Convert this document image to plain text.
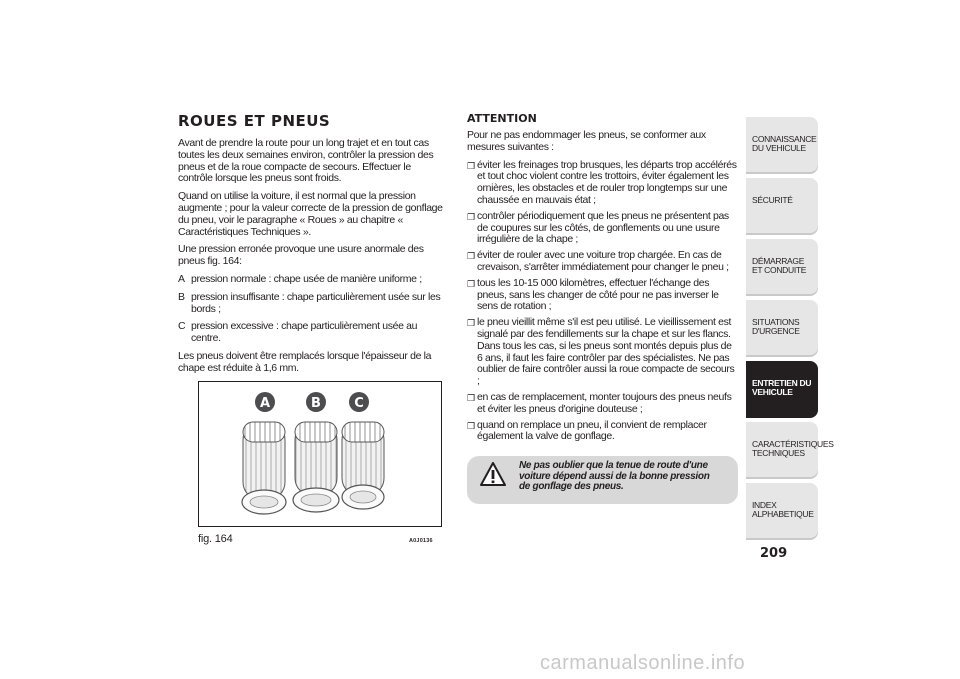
ROUES ET PNEUS

Avant de prendre la route pour un long trajet et en tout cas toutes les deux semaines environ, contrôler la pression des pneus et de la roue compacte de secours. Effectuer le contrôle lorsque les pneus sont froids.

Quand on utilise la voiture, il est normal que la pression augmente ; pour la valeur correcte de la pression de gonflage du pneu, voir le paragraphe « Roues » au chapitre « Caractéristiques Techniques ».

Une pression erronée provoque une usure anormale des pneus fig. 164:

A pression normale : chape usée de manière uniforme ;
B pression insuffisante : chape particulièrement usée sur les bords ;
C pression excessive : chape particulièrement usée au centre.

Les pneus doivent être remplacés lorsque l'épaisseur de la chape est réduite à 1,6 mm.

A	B	C
fig. 164	A0J0136
ATTENTION

Pour ne pas endommager les pneus, se conformer aux mesures suivantes :

❒ éviter les freinages trop brusques, les départs trop accélérés et tout choc violent contre les trottoirs, éviter également les ornières, les obstacles et de rouler trop longtemps sur une chaussée en mauvais état ;
❒ contrôler périodiquement que les pneus ne présentent pas de coupures sur les côtés, de gonflements ou une usure irrégulière de la chape ;
❒ éviter de rouler avec une voiture trop chargée. En cas de crevaison, s'arrêter immédiatement pour changer le pneu ;
❒ tous les 10-15 000 kilomètres, effectuer l'échange des pneus, sans les changer de côté pour ne pas inverser le sens de rotation ;
❒ le pneu vieillit même s'il est peu utilisé. Le vieillissement est signalé par des fendillements sur la chape et sur les flancs. Dans tous les cas, si les pneus sont montés depuis plus de 6 ans, il faut les faire contrôler par des spécialistes. Ne pas oublier de faire contrôler aussi la roue compacte de secours ;
❒ en cas de remplacement, monter toujours des pneus neufs et éviter les pneus d'origine douteuse ;
❒ quand on remplace un pneu, il convient de remplacer également la valve de gonflage.
Ne pas oublier que la tenue de route d'une voiture dépend aussi de la bonne pression de gonflage des pneus.
CONNAISSANCE DU VEHICULE
SÉCURITÉ
DÉMARRAGE ET CONDUITE
SITUATIONS D'URGENCE
ENTRETIEN DU VEHICULE
CARACTÉRISTIQUES TECHNIQUES
INDEX ALPHABETIQUE
209
carmanualsonline.info
